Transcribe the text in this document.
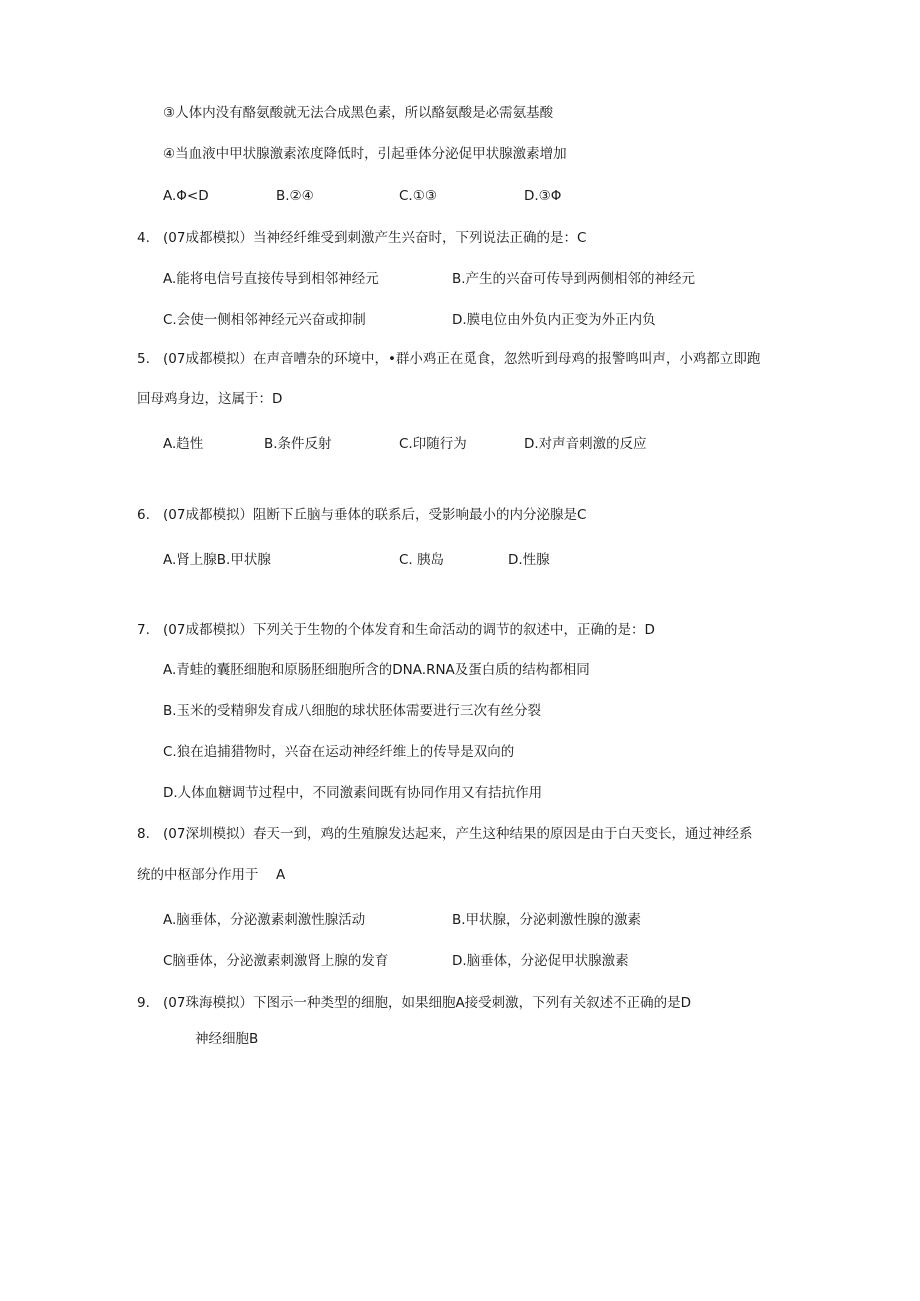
③人体内没有酪氨酸就无法合成黑色素，所以酪氨酸是必需氨基酸
④当血液中甲状腺激素浓度降低时，引起垂体分泌促甲状腺激素增加
A.Φ<D	B.②④	C.①③	D.③Φ
4. (07成都模拟）当神经纤维受到刺激产生兴奋时，下列说法正确的是：C
A.能将电信号直接传导到相邻神经元	B.产生的兴奋可传导到两侧相邻的神经元
C.会使一侧相邻神经元兴奋或抑制	D.膜电位由外负内正变为外正内负
5. (07成都模拟）在声音嘈杂的环境中，•群小鸡正在觅食，忽然听到母鸡的报警鸣叫声，小鸡都立即跑
回母鸡身边，这属于：D
A.趋性	B.条件反射	C.印随行为	D.对声音刺激的反应
6. (07成都模拟）阻断下丘脑与垂体的联系后，受影响最小的内分泌腺是C
A.肾上腺B.甲状腺	C. 胰岛	D.性腺
7. (07成都模拟）下列关于生物的个体发育和生命活动的调节的叙述中，正确的是：D
A.青蛙的囊胚细胞和原肠胚细胞所含的DNA.RNA及蛋白质的结构都相同
B.玉米的受精卵发育成八细胞的球状胚体需要进行三次有丝分裂
C.狼在追捕猎物时，兴奋在运动神经纤维上的传导是双向的
D.人体血糖调节过程中，不同激素间既有协同作用又有拮抗作用
8. (07深圳模拟）春天一到，鸡的生殖腺发达起来，产生这种结果的原因是由于白天变长，通过神经系
统的中枢部分作用于 A
A.脑垂体，分泌激素刺激性腺活动	B.甲状腺，分泌刺激性腺的激素
C脑垂体，分泌激素刺激肾上腺的发育	D.脑垂体，分泌促甲状腺激素
9. (07珠海模拟）下图示一种类型的细胞，如果细胞A接受刺激，下列有关叙述不正确的是D
神经细胞B
